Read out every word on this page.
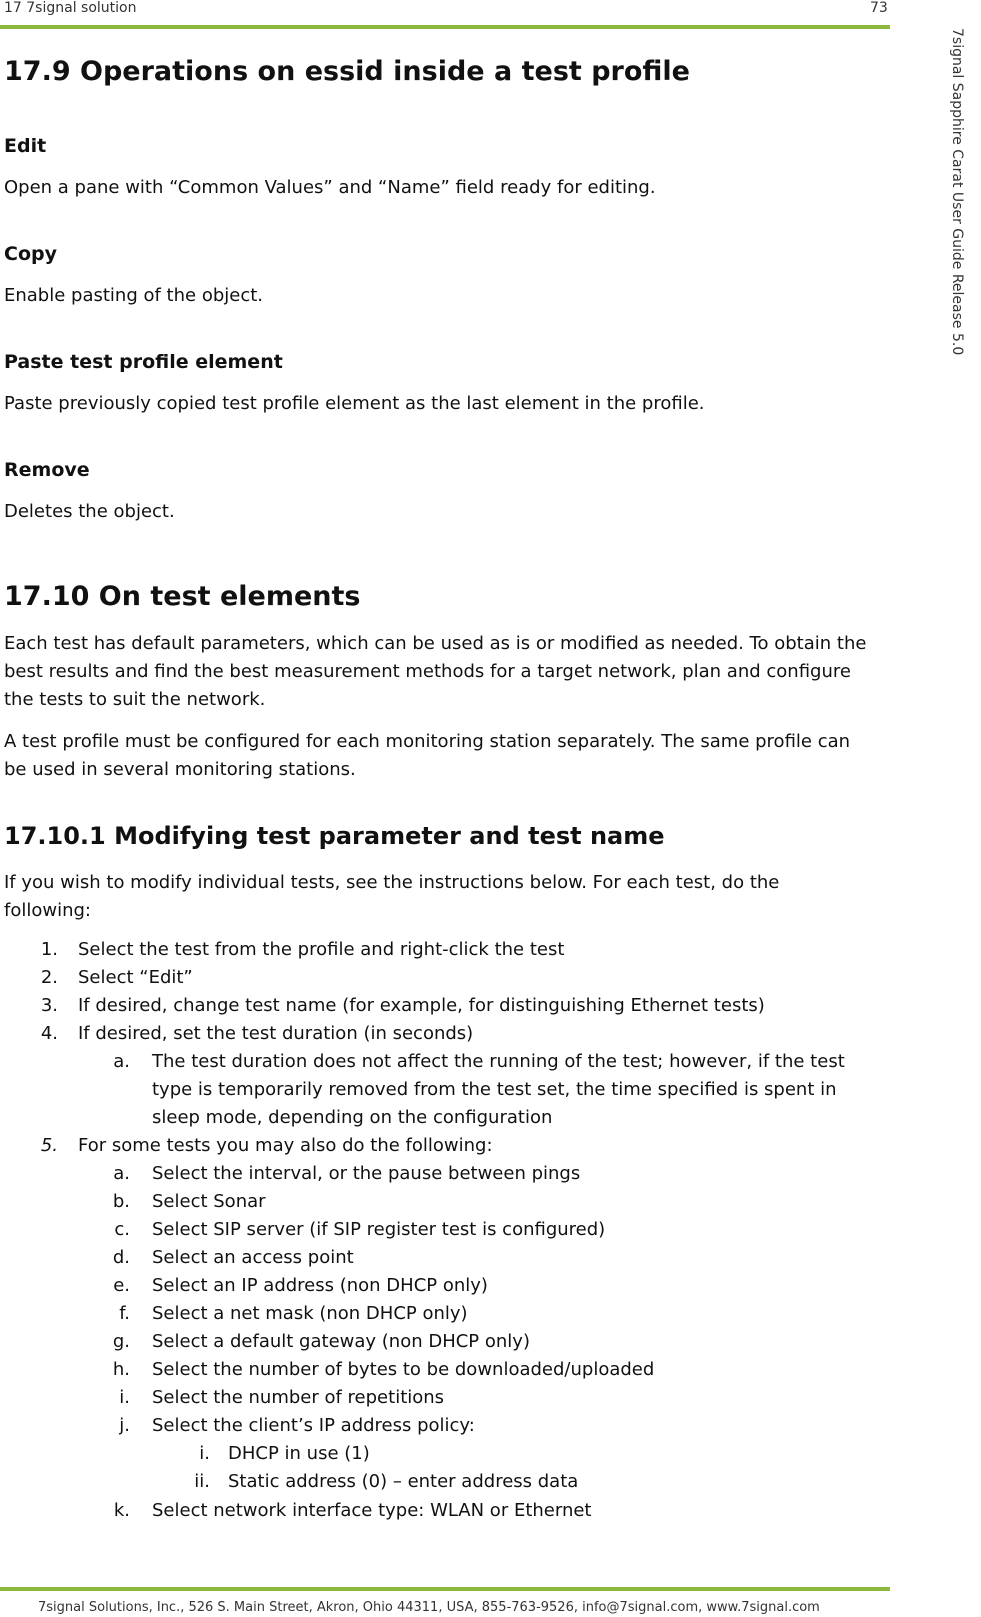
17 7signal solution	73
7signal Sapphire Carat User Guide Release 5.0
17.9 Operations on essid inside a test profile
Edit
Open a pane with “Common Values” and “Name” field ready for editing.
Copy
Enable pasting of the object.
Paste test profile element
Paste previously copied test profile element as the last element in the profile.
Remove
Deletes the object.
17.10 On test elements
Each test has default parameters, which can be used as is or modified as needed. To obtain the
best results and find the best measurement methods for a target network, plan and configure
the tests to suit the network.
A test profile must be configured for each monitoring station separately. The same profile can
be used in several monitoring stations.
17.10.1 Modifying test parameter and test name
If you wish to modify individual tests, see the instructions below. For each test, do the
following:
1. Select the test from the profile and right-click the test
2. Select “Edit”
3. If desired, change test name (for example, for distinguishing Ethernet tests)
4. If desired, set the test duration (in seconds)
a. The test duration does not affect the running of the test; however, if the test
type is temporarily removed from the test set, the time specified is spent in
sleep mode, depending on the configuration
5. For some tests you may also do the following:
a. Select the interval, or the pause between pings
b. Select Sonar
c. Select SIP server (if SIP register test is configured)
d. Select an access point
e. Select an IP address (non DHCP only)
f. Select a net mask (non DHCP only)
g. Select a default gateway (non DHCP only)
h. Select the number of bytes to be downloaded/uploaded
i. Select the number of repetitions
j. Select the client’s IP address policy:
i. DHCP in use (1)
ii. Static address (0) – enter address data
k. Select network interface type: WLAN or Ethernet
7signal Solutions, Inc., 526 S. Main Street, Akron, Ohio 44311, USA, 855-763-9526, info@7signal.com, www.7signal.com
